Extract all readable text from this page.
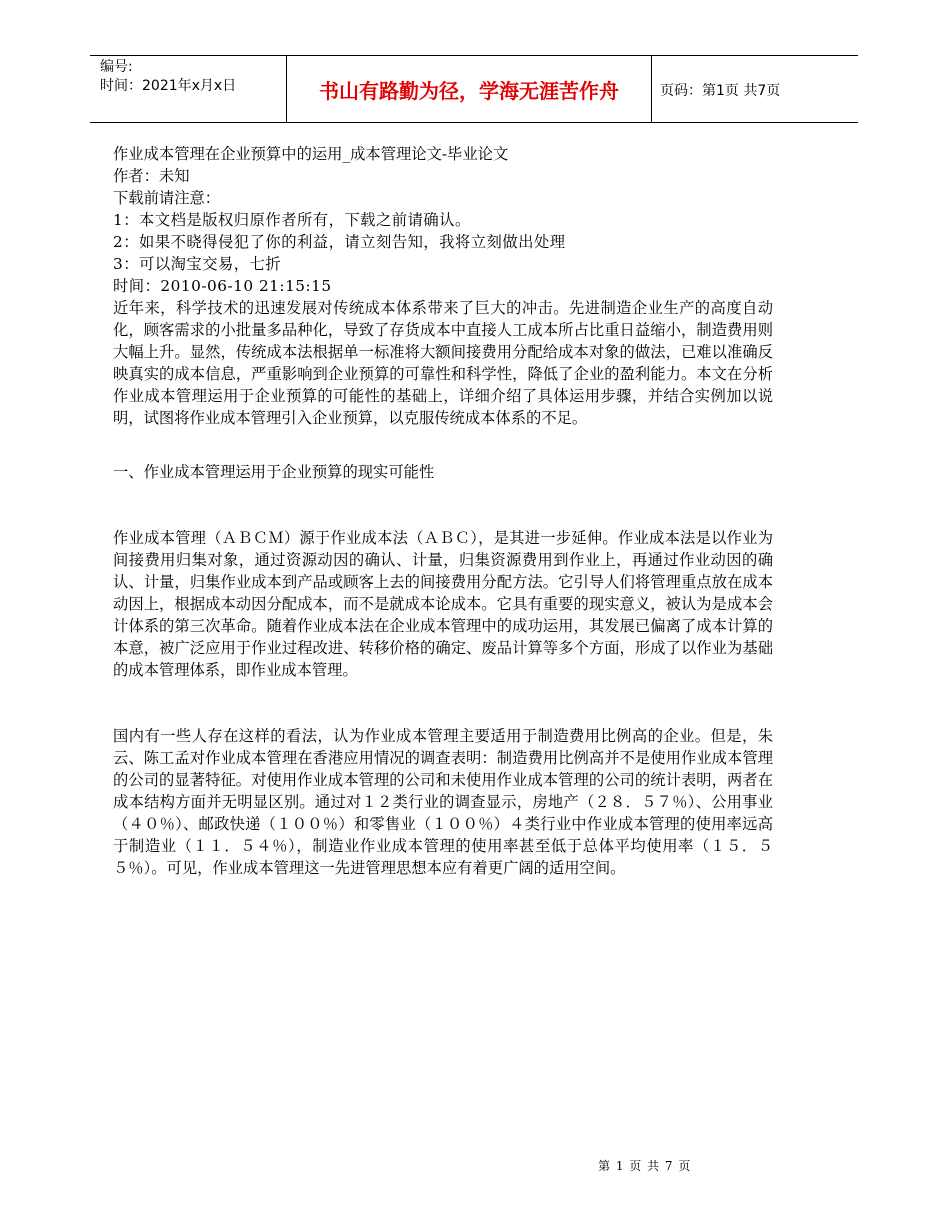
编号:
时间：2021年x月x日	书山有路勤为径，学海无涯苦作舟	页码：第1页 共7页

作业成本管理在企业预算中的运用_成本管理论文-毕业论文

作者：未知

下载前请注意：

1：本文档是版权归原作者所有，下载之前请确认。

2：如果不晓得侵犯了你的利益，请立刻告知，我将立刻做出处理

3：可以淘宝交易，七折

时间：2010-06-10 21:15:15

近年来，科学技术的迅速发展对传统成本体系带来了巨大的冲击。先进制造企业生产的高度自动化，顾客需求的小批量多品种化，导致了存货成本中直接人工成本所占比重日益缩小，制造费用则大幅上升。显然，传统成本法根据单一标准将大额间接费用分配给成本对象的做法，已难以准确反映真实的成本信息，严重影响到企业预算的可靠性和科学性，降低了企业的盈利能力。本文在分析作业成本管理运用于企业预算的可能性的基础上，详细介绍了具体运用步骤，并结合实例加以说明，试图将作业成本管理引入企业预算，以克服传统成本体系的不足。

一、作业成本管理运用于企业预算的现实可能性

作业成本管理（ＡＢＣＭ）源于作业成本法（ＡＢＣ），是其进一步延伸。作业成本法是以作业为间接费用归集对象，通过资源动因的确认、计量，归集资源费用到作业上，再通过作业动因的确认、计量，归集作业成本到产品或顾客上去的间接费用分配方法。它引导人们将管理重点放在成本动因上，根据成本动因分配成本，而不是就成本论成本。它具有重要的现实意义，被认为是成本会计体系的第三次革命。随着作业成本法在企业成本管理中的成功运用，其发展已偏离了成本计算的本意，被广泛应用于作业过程改进、转移价格的确定、废品计算等多个方面，形成了以作业为基础的成本管理体系，即作业成本管理。

国内有一些人存在这样的看法，认为作业成本管理主要适用于制造费用比例高的企业。但是，朱云、陈工孟对作业成本管理在香港应用情况的调查表明：制造费用比例高并不是使用作业成本管理的公司的显著特征。对使用作业成本管理的公司和未使用作业成本管理的公司的统计表明，两者在成本结构方面并无明显区别。通过对１２类行业的调查显示，房地产（２８．５７％）、公用事业（４０％）、邮政快递（１００％）和零售业（１００％）４类行业中作业成本管理的使用率远高于制造业（１１．５４％），制造业作业成本管理的使用率甚至低于总体平均使用率（１５．５５％）。可见，作业成本管理这一先进管理思想本应有着更广阔的适用空间。

第 1 页 共 7 页
